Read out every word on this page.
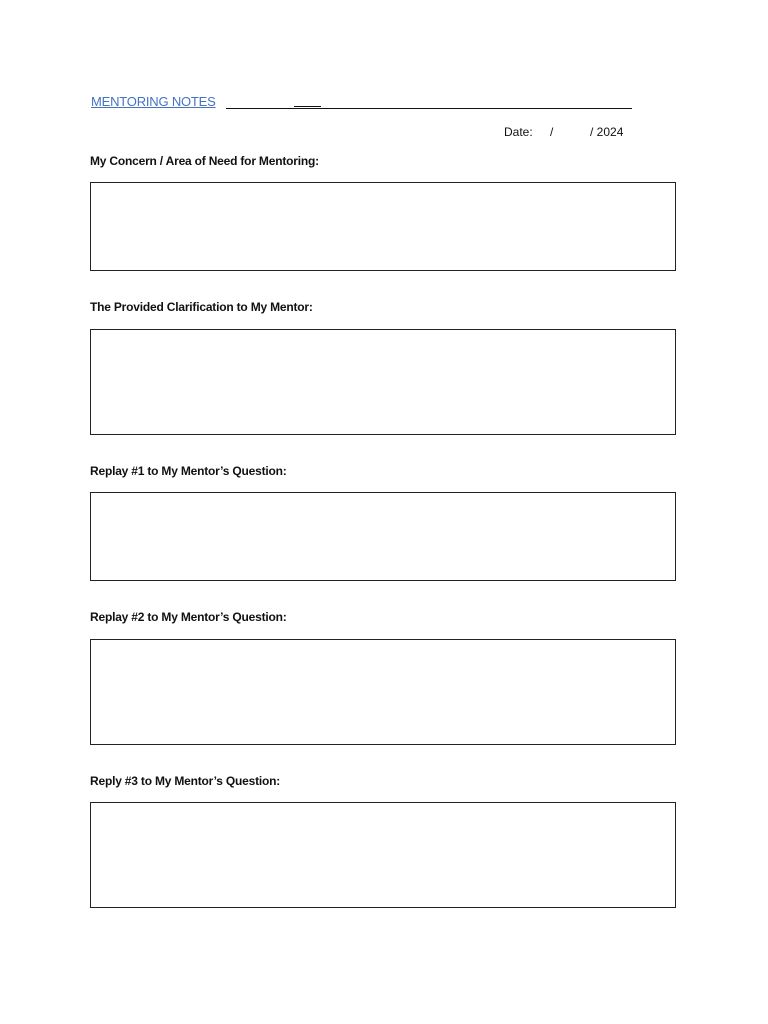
MENTORING NOTES
Date: /	/ 2024
My Concern / Area of Need for Mentoring:
The Provided Clarification to My Mentor:
Replay #1 to My Mentor’s Question:
Replay #2 to My Mentor’s Question:
Reply #3 to My Mentor’s Question:
